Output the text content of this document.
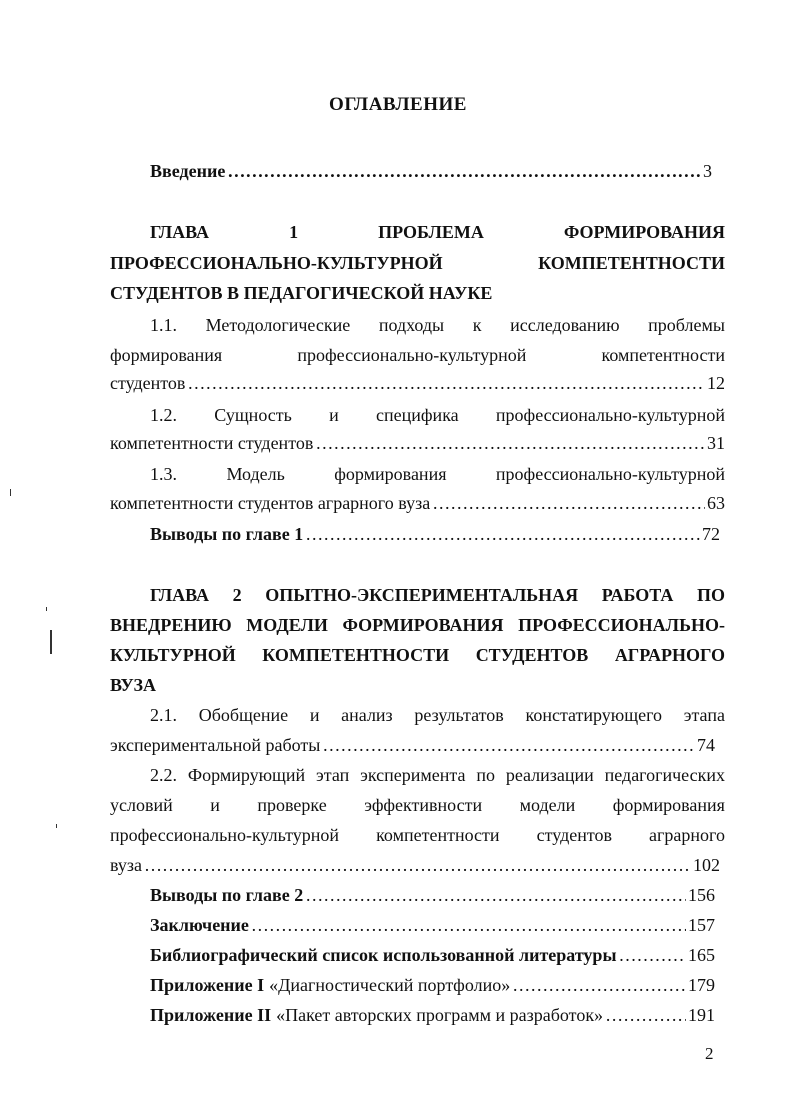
ОГЛАВЛЕНИЕ
Введение ………………………………………………………………………………………………………………………………………………………………………………………………………………	3
ГЛАВА	1	ПРОБЛЕМА	ФОРМИРОВАНИЯ
ПРОФЕССИОНАЛЬНО-КУЛЬТУРНОЙ	КОМПЕТЕНТНОСТИ
СТУДЕНТОВ В ПЕДАГОГИЧЕСКОЙ НАУКЕ
1.1. Методологические подходы к исследованию проблемы
формирования	профессионально-культурной	компетентности
студентов ………………………………………………………………………………………………………………………………………………………………………………………………………………	12
1.2. Сущность и специфика профессионально-культурной
компетентности студентов ………………………………………………………………………………………………………………………………………………………………………………………………………………	31
1.3.	Модель	формирования	профессионально-культурной
компетентности студентов аграрного вуза ………………………………………………………………………………………………………………………………………………………………………………………………………………	63
Выводы по главе 1 ………………………………………………………………………………………………………………………………………………………………………………………………………………	72
ГЛАВА 2 ОПЫТНО-ЭКСПЕРИМЕНТАЛЬНАЯ РАБОТА ПО
ВНЕДРЕНИЮ МОДЕЛИ ФОРМИРОВАНИЯ ПРОФЕССИОНАЛЬНО-
КУЛЬТУРНОЙ КОМПЕТЕНТНОСТИ СТУДЕНТОВ АГРАРНОГО
ВУЗА
2.1. Обобщение и анализ результатов констатирующего этапа
экспериментальной работы ………………………………………………………………………………………………………………………………………………………………………………………………………………	74
2.2. Формирующий этап эксперимента по реализации педагогических
условий и проверке эффективности модели формирования
профессионально-культурной компетентности студентов аграрного
вуза ………………………………………………………………………………………………………………………………………………………………………………………………………………	102
Выводы по главе 2 ………………………………………………………………………………………………………………………………………………………………………………………………………………	156
Заключение ………………………………………………………………………………………………………………………………………………………………………………………………………………	157
Библиографический список использованной литературы ………………………………………………………………………………………………………………………………………………………………………………………………………………	165
Приложение I «Диагностический портфолио» ………………………………………………………………………………………………………………………………………………………………………………………………………………	179
Приложение II «Пакет авторских программ и разработок» ………………………………………………………………………………………………………………………………………………………………………………………………………………	191
2
